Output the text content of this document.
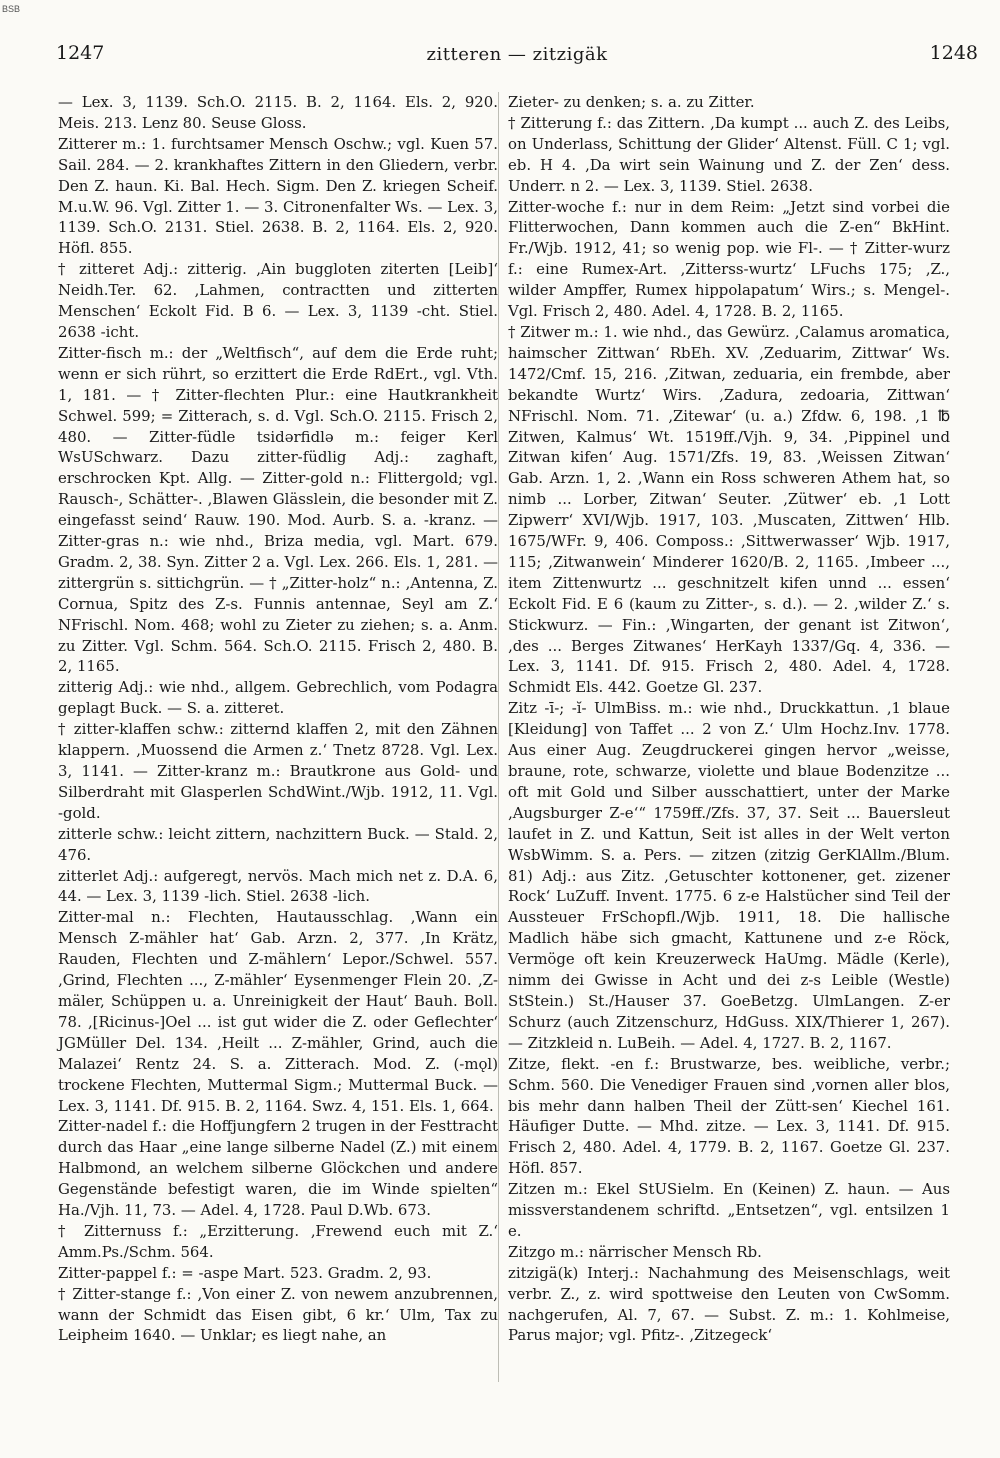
BSB
1247	zitteren — zitzigäk	1248

— Lex. 3, 1139. Sch.O. 2115. B. 2, 1164. Els. 2, 920. Meis. 213. Lenz 80. Seuse Gloss.

Zitterer m.: 1. furchtsamer Mensch Oschw.; vgl. Kuen 57. Sail. 284. — 2. krankhaftes Zittern in den Gliedern, verbr. Den Z. haun. Ki. Bal. Hech. Sigm. Den Z. kriegen Scheif. M.u.W. 96. Vgl. Zitter 1. — 3. Citronenfalter Ws. — Lex. 3, 1139. Sch.O. 2131. Stiel. 2638. B. 2, 1164. Els. 2, 920. Höfl. 855.

† zitteret Adj.: zitterig. ‚Ain buggloten ziterten [Leib]‘ Neidh.Ter. 62. ‚Lahmen, contractten und zitterten Menschen‘ Eckolt Fid. B 6. — Lex. 3, 1139 -cht. Stiel. 2638 -icht.

Zitter-fisch m.: der „Weltfisch“, auf dem die Erde ruht; wenn er sich rührt, so erzittert die Erde RdErt., vgl. Vth. 1, 181. — † Zitter-flechten Plur.: eine Hautkrankheit Schwel. 599; = Zitterach, s. d. Vgl. Sch.O. 2115. Frisch 2, 480. — Zitter-füdle tsidərfidlə m.: feiger Kerl WsUSchwarz. Dazu zitter-füdlig Adj.: zaghaft, erschrocken Kpt. Allg. — Zitter-gold n.: Flittergold; vgl. Rausch-, Schätter-. ‚Blawen Glässlein, die besonder mit Z. eingefasst seind‘ Rauw. 190. Mod. Aurb. S. a. -kranz. — Zitter-gras n.: wie nhd., Briza media, vgl. Mart. 679. Gradm. 2, 38. Syn. Zitter 2 a. Vgl. Lex. 266. Els. 1, 281. — zittergrün s. sittichgrün. — † „Zitter-holz“ n.: ‚Antenna, Z. Cornua, Spitz des Z-s. Funnis antennae, Seyl am Z.‘ NFrischl. Nom. 468; wohl zu Zieter zu ziehen; s. a. Anm. zu Zitter. Vgl. Schm. 564. Sch.O. 2115. Frisch 2, 480. B. 2, 1165.

zitterig Adj.: wie nhd., allgem. Gebrechlich, vom Podagra geplagt Buck. — S. a. zitteret.

† zitter-klaffen schw.: zitternd klaffen 2, mit den Zähnen klappern. ‚Muossend die Armen z.‘ Tnetz 8728. Vgl. Lex. 3, 1141. — Zitter-kranz m.: Brautkrone aus Gold- und Silberdraht mit Glasperlen SchdWint./Wjb. 1912, 11. Vgl. -gold.

zitterle schw.: leicht zittern, nachzittern Buck. — Stald. 2, 476.

zitterlet Adj.: aufgeregt, nervös. Mach mich net z. D.A. 6, 44. — Lex. 3, 1139 -lich. Stiel. 2638 -lich.

Zitter-mal n.: Flechten, Hautausschlag. ‚Wann ein Mensch Z-mähler hat‘ Gab. Arzn. 2, 377. ‚In Krätz, Rauden, Flechten und Z-mählern‘ Lepor./Schwel. 557. ‚Grind, Flechten ..., Z-mähler‘ Eysenmenger Flein 20. ‚Z-mäler, Schüppen u. a. Unreinigkeit der Haut‘ Bauh. Boll. 78. ‚[Ricinus-]Oel ... ist gut wider die Z. oder Geflechter‘ JGMüller Del. 134. ‚Heilt ... Z-mähler, Grind, auch die Malazei‘ Rentz 24. S. a. Zitterach. Mod. Z. (-mǫl) trockene Flechten, Muttermal Sigm.; Muttermal Buck. — Lex. 3, 1141. Df. 915. B. 2, 1164. Swz. 4, 151. Els. 1, 664.

Zitter-nadel f.: die Hoffjungfern 2 trugen in der Festtracht durch das Haar „eine lange silberne Nadel (Z.) mit einem Halbmond, an welchem silberne Glöckchen und andere Gegenstände befestigt waren, die im Winde spielten“ Ha./Vjh. 11, 73. — Adel. 4, 1728. Paul D.Wb. 673.

† Zitternuss f.: „Erzitterung. ‚Frewend euch mit Z.‘ Amm.Ps./Schm. 564.

Zitter-pappel f.: = -aspe Mart. 523. Gradm. 2, 93.

† Zitter-stange f.: ‚Von einer Z. von newem anzubrennen, wann der Schmidt das Eisen gibt, 6 kr.‘ Ulm, Tax zu Leipheim 1640. — Unklar; es liegt nahe, an

Zieter- zu denken; s. a. zu Zitter.

† Zitterung f.: das Zittern. ‚Da kumpt ... auch Z. des Leibs, on Underlass, Schittung der Glider‘ Altenst. Füll. C 1; vgl. eb. H 4. ‚Da wirt sein Wainung und Z. der Zen‘ dess. Underr. n 2. — Lex. 3, 1139. Stiel. 2638.

Zitter-woche f.: nur in dem Reim: „Jetzt sind vorbei die Flitterwochen, Dann kommen auch die Z-en“ BkHint. Fr./Wjb. 1912, 41; so wenig pop. wie Fl-. — † Zitter-wurz f.: eine Rumex-Art. ‚Zitterss-wurtz‘ LFuchs 175; ‚Z., wilder Ampffer, Rumex hippolapatum‘ Wirs.; s. Mengel-. Vgl. Frisch 2, 480. Adel. 4, 1728. B. 2, 1165.

† Zitwer m.: 1. wie nhd., das Gewürz. ‚Calamus aromatica, haimscher Zittwan‘ RbEh. XV. ‚Zeduarim, Zittwar‘ Ws. 1472/Cmf. 15, 216. ‚Zitwan, zeduaria, ein frembde, aber bekandte Wurtz‘ Wirs. ‚Zadura, zedoaria, Zittwan‘ NFrischl. Nom. 71. ‚Zitewar‘ (u. a.) Zfdw. 6, 198. ‚1 ℔ Zitwen, Kalmus‘ Wt. 1519ff./Vjh. 9, 34. ‚Pippinel und Zitwan kifen‘ Aug. 1571/Zfs. 19, 83. ‚Weissen Zitwan‘ Gab. Arzn. 1, 2. ‚Wann ein Ross schweren Athem hat, so nimb ... Lorber, Zitwan‘ Seuter. ‚Zütwer‘ eb. ‚1 Lott Zipwerr‘ XVI/Wjb. 1917, 103. ‚Muscaten, Zittwen‘ Hlb. 1675/WFr. 9, 406. Composs.: ‚Sittwerwasser‘ Wjb. 1917, 115; ‚Zitwanwein‘ Minderer 1620/B. 2, 1165. ‚Imbeer ..., item Zittenwurtz ... geschnitzelt kifen unnd ... essen‘ Eckolt Fid. E 6 (kaum zu Zitter-, s. d.). — 2. ‚wilder Z.‘ s. Stickwurz. — Fin.: ‚Wingarten, der genant ist Zitwon‘, ‚des ... Berges Zitwanes‘ HerKayh 1337/Gq. 4, 336. — Lex. 3, 1141. Df. 915. Frisch 2, 480. Adel. 4, 1728. Schmidt Els. 442. Goetze Gl. 237.

Zitz -ī-; -ĭ- UlmBiss. m.: wie nhd., Druckkattun. ‚1 blaue [Kleidung] von Taffet ... 2 von Z.‘ Ulm Hochz.Inv. 1778. Aus einer Aug. Zeugdruckerei gingen hervor „weisse, braune, rote, schwarze, violette und blaue Bodenzitze ... oft mit Gold und Silber ausschattiert, unter der Marke ‚Augsburger Z-e‘“ 1759ff./Zfs. 37, 37. Seit ... Bauersleut laufet in Z. und Kattun, Seit ist alles in der Welt verton WsbWimm. S. a. Pers. — zitzen (zitzig GerKlAllm./Blum. 81) Adj.: aus Zitz. ‚Getuschter kottonener, get. zizener Rock‘ LuZuff. Invent. 1775. 6 z-e Halstücher sind Teil der Aussteuer FrSchopfl./Wjb. 1911, 18. Die hallische Madlich häbe sich gmacht, Kattunene und z-e Röck, Vermöge oft kein Kreuzerweck HaUmg. Mädle (Kerle), nimm dei Gwisse in Acht und dei z-s Leible (Westle) StStein.) St./Hauser 37. GoeBetzg. UlmLangen. Z-er Schurz (auch Zitzenschurz, HdGuss. XIX/Thierer 1, 267). — Zitzkleid n. LuBeih. — Adel. 4, 1727. B. 2, 1167.

Zitze, flekt. -en f.: Brustwarze, bes. weibliche, verbr.; Schm. 560. Die Venediger Frauen sind ‚vornen aller blos, bis mehr dann halben Theil der Zütt-sen‘ Kiechel 161. Häufiger Dutte. — Mhd. zitze. — Lex. 3, 1141. Df. 915. Frisch 2, 480. Adel. 4, 1779. B. 2, 1167. Goetze Gl. 237. Höfl. 857.

Zitzen m.: Ekel StUSielm. En (Keinen) Z. haun. — Aus missverstandenem schriftd. „Entsetzen“, vgl. entsilzen 1 e.

Zitzgo m.: närrischer Mensch Rb.

zitzigä(k) Interj.: Nachahmung des Meisenschlags, weit verbr. Z., z. wird spottweise den Leuten von CwSomm. nachgerufen, Al. 7, 67. — Subst. Z. m.: 1. Kohlmeise, Parus major; vgl. Pfitz-. ‚Zitzegeck‘
